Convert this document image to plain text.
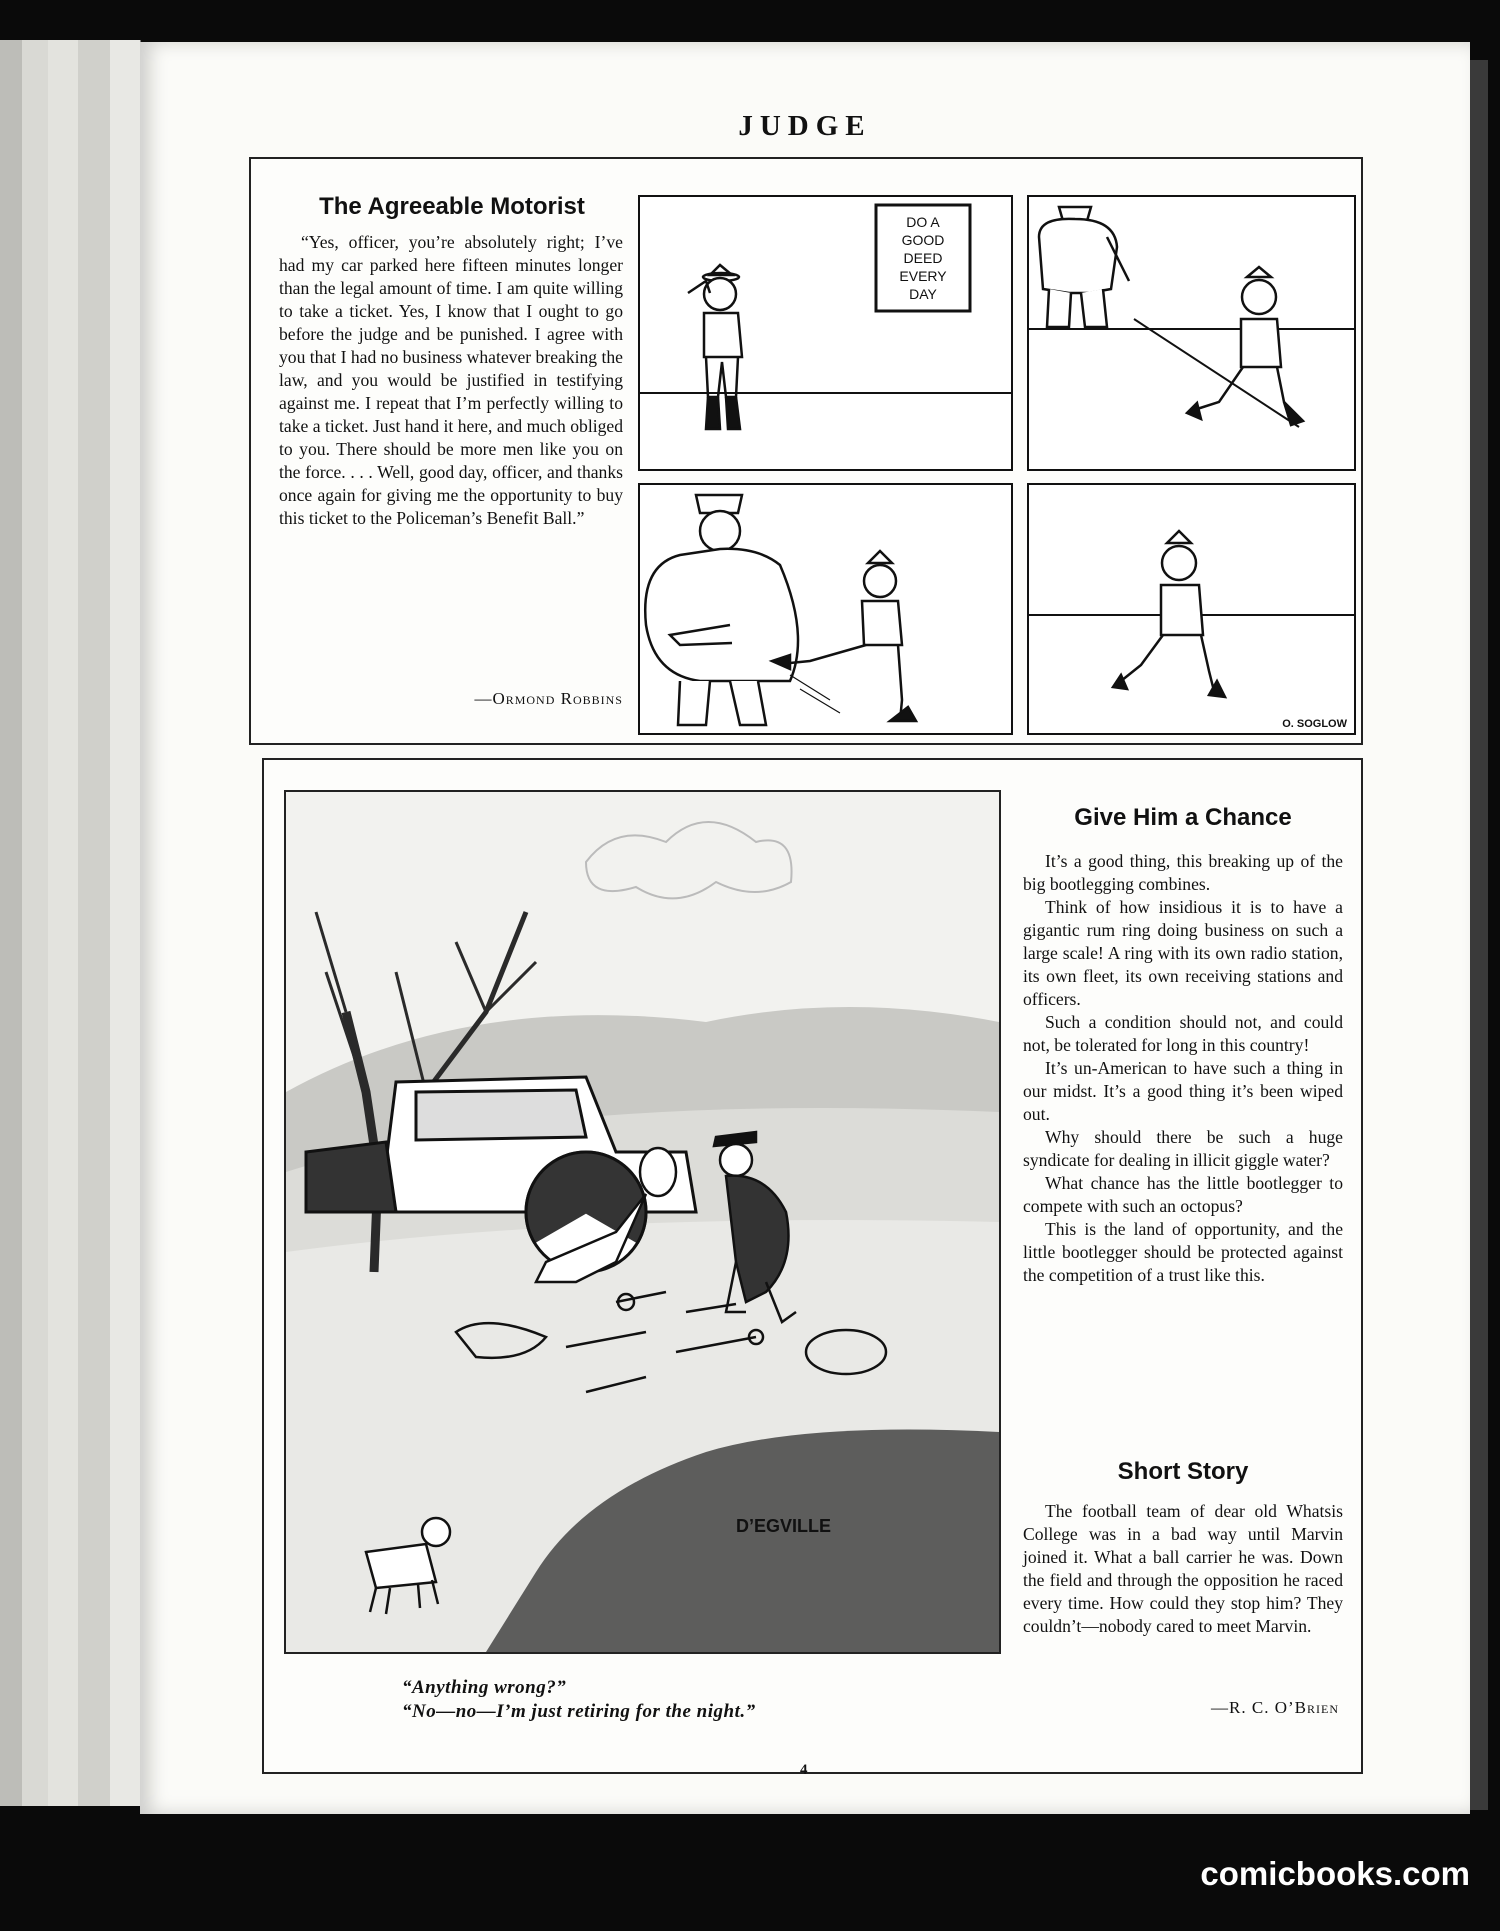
JUDGE
The Agreeable Motorist

“Yes, officer, you’re absolutely right; I’ve had my car parked here fifteen minutes longer than the legal amount of time. I am quite willing to take a ticket. Yes, I know that I ought to go before the judge and be punished. I agree with you that I had no business whatever breaking the law, and you would be justified in testifying against me. I repeat that I’m perfectly willing to take a ticket. Just hand it here, and much obliged to you. There should be more men like you on the force. . . . Well, good day, officer, and thanks once again for giving me the opportunity to buy this ticket to the Policeman’s Benefit Ball.”

—Ormond Robbins
DO A
GOOD
DEED
EVERY
DAY
O. SOGLOW
D’EGVILLE
“Anything wrong?”
“No—no—I’m just retiring for the night.”
Give Him a Chance

It’s a good thing, this breaking up of the big bootlegging combines.

Think of how insidious it is to have a gigantic rum ring doing business on such a large scale! A ring with its own radio station, its own fleet, its own receiving stations and officers.

Such a condition should not, and could not, be tolerated for long in this country!

It’s un-American to have such a thing in our midst. It’s a good thing it’s been wiped out.

Why should there be such a huge syndicate for dealing in illicit giggle water?

What chance has the little bootlegger to compete with such an octopus?

This is the land of opportunity, and the little bootlegger should be protected against the competition of a trust like this.

Short Story

The football team of dear old Whatsis College was in a bad way until Marvin joined it. What a ball carrier he was. Down the field and through the opposition he raced every time. How could they stop him? They couldn’t—nobody cared to meet Marvin.

—R. C. O’Brien
4
comicbooks.com
